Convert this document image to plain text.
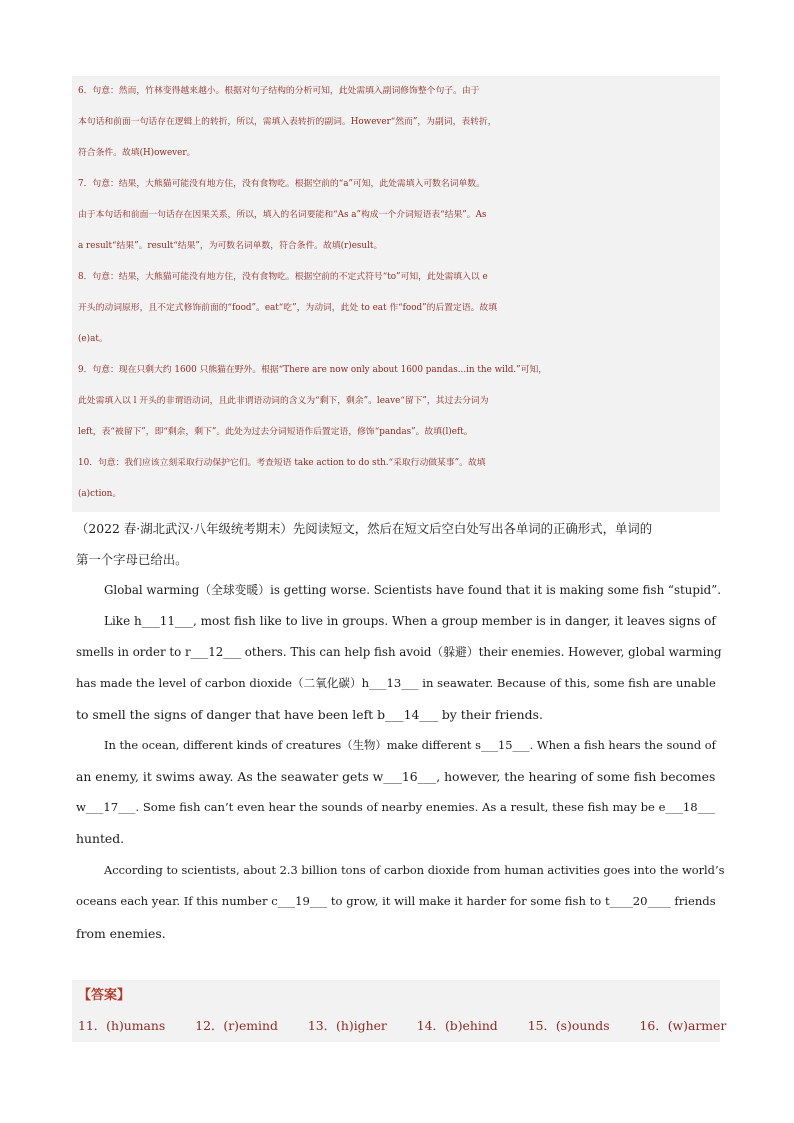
6．句意：然而，竹林变得越来越小。根据对句子结构的分析可知，此处需填入副词修饰整个句子。由于
本句话和前面一句话存在逻辑上的转折，所以，需填入表转折的副词。However“然而”，为副词，表转折，
符合条件。故填(H)owever。
7．句意：结果，大熊猫可能没有地方住，没有食物吃。根据空前的“a”可知，此处需填入可数名词单数。
由于本句话和前面一句话存在因果关系，所以，填入的名词要能和“As a”构成一个介词短语表“结果”。As
a result“结果”。result“结果”，为可数名词单数，符合条件。故填(r)esult。
8．句意：结果，大熊猫可能没有地方住，没有食物吃。根据空前的不定式符号“to”可知，此处需填入以 e
开头的动词原形，且不定式修饰前面的“food”。eat“吃”，为动词，此处 to eat 作“food”的后置定语。故填
(e)at。
9．句意：现在只剩大约 1600 只熊猫在野外。根据“There are now only about 1600 pandas...in the wild.”可知，
此处需填入以 l 开头的非谓语动词，且此非谓语动词的含义为“剩下，剩余”。leave“留下”，其过去分词为
left，表“被留下”，即“剩余，剩下”。此处为过去分词短语作后置定语，修饰“pandas”。故填(l)eft。
10．句意：我们应该立刻采取行动保护它们。考查短语 take action to do sth.“采取行动做某事”。故填
(a)ction。
（2022 春·湖北武汉·八年级统考期末）先阅读短文，然后在短文后空白处写出各单词的正确形式，单词的
第一个字母已给出。
Global warming（全球变暖）is getting worse. Scientists have found that it is making some fish “stupid”.
Like h___11___, most fish like to live in groups. When a group member is in danger, it leaves signs of
smells in order to r___12___ others. This can help fish avoid（躲避）their enemies. However, global warming
has made the level of carbon dioxide（二氧化碳）h___13___ in seawater. Because of this, some fish are unable
to smell the signs of danger that have been left b___14___ by their friends.
In the ocean, different kinds of creatures（生物）make different s___15___. When a fish hears the sound of
an enemy, it swims away. As the seawater gets w___16___, however, the hearing of some fish becomes
w___17___. Some fish can’t even hear the sounds of nearby enemies. As a result, these fish may be e___18___
hunted.
According to scientists, about 2.3 billion tons of carbon dioxide from human activities goes into the world’s
oceans each year. If this number c___19___ to grow, it will make it harder for some fish to t____20____ friends
from enemies.
【答案】
11．(h)umans 12．(r)emind 13．(h)igher 14．(b)ehind 15．(s)ounds 16．(w)armer
